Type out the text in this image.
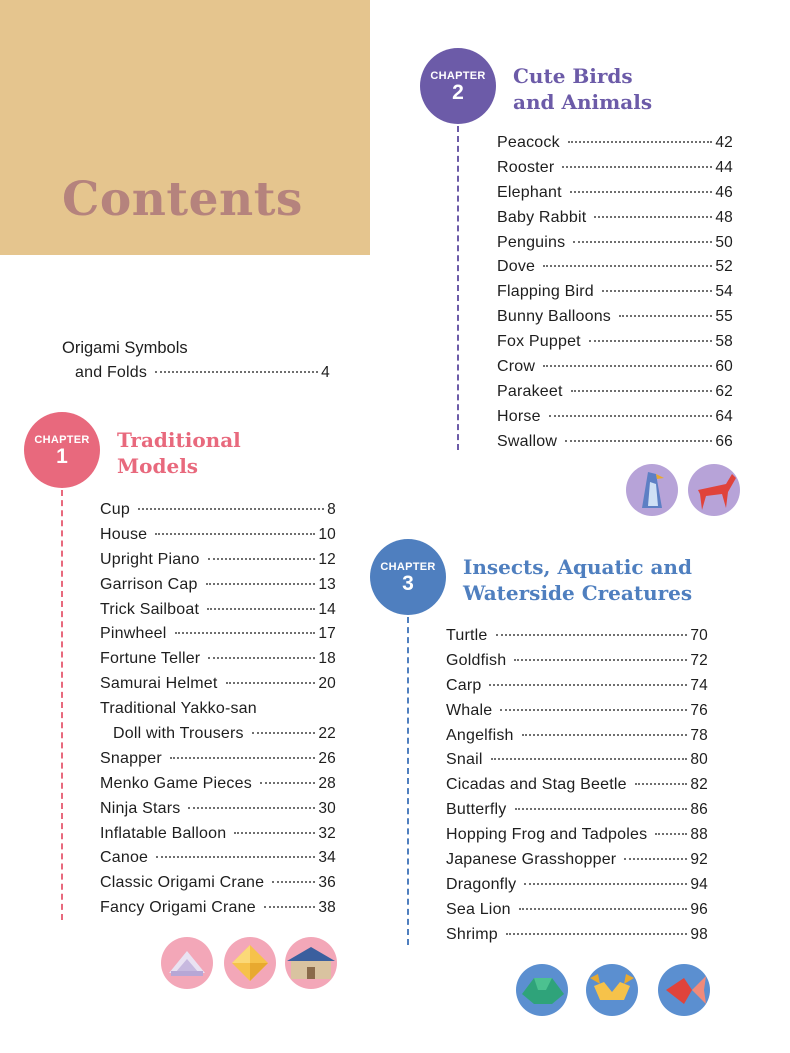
Contents
Origami Symbols
and Folds	4
CHAPTER
1
Traditional
Models
Cup	8
House	10
Upright Piano	12
Garrison Cap	13
Trick Sailboat	14
Pinwheel	17
Fortune Teller	18
Samurai Helmet	20
Traditional Yakko-san
Doll with Trousers	22
Snapper	26
Menko Game Pieces	28
Ninja Stars	30
Inflatable Balloon	32
Canoe	34
Classic Origami Crane	36
Fancy Origami Crane	38
CHAPTER
2
Cute Birds
and Animals
Peacock	42
Rooster	44
Elephant	46
Baby Rabbit	48
Penguins	50
Dove	52
Flapping Bird	54
Bunny Balloons	55
Fox Puppet	58
Crow	60
Parakeet	62
Horse	64
Swallow	66
CHAPTER
3
Insects, Aquatic and
Waterside Creatures
Turtle	70
Goldfish	72
Carp	74
Whale	76
Angelfish	78
Snail	80
Cicadas and Stag Beetle	82
Butterfly	86
Hopping Frog and Tadpoles	88
Japanese Grasshopper	92
Dragonfly	94
Sea Lion	96
Shrimp	98
